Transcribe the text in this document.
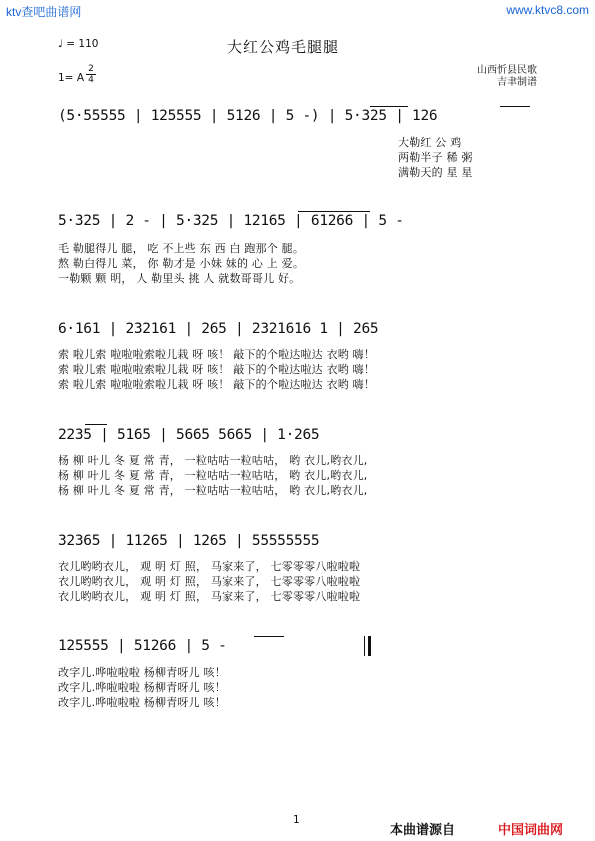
ktv查吧曲谱网	www.ktvc8.com
大红公鸡毛腿腿
♩ = 110
1= A
2
4
山西忻县民歌
吉聿制谱
(5·55555 | 125555 | 5126 | 5 -) | 5·325 | 126
大勒红 公 鸡
两勒半子 稀 粥
满勒天的 星 星
5·325 | 2 - | 5·325 | 12165 | 61266 | 5 -
毛 勒腿得儿 腿， 吃 不上些 东 西 白 跑那个 腿。
熬 勒白得儿 菜， 你 勒才是 小妹 妹的 心 上 爱。
一勒颗 颗 明， 人 勒里头 挑 人 就数哥哥儿 好。
6·161 | 232161 | 265 | 2321616 1 | 265
索 啦儿索 啦啦啦索啦儿栽 呀 咳！ 敲下的个啦达啦达 衣哟 嗨！
索 啦儿索 啦啦啦索啦儿栽 呀 咳！ 敲下的个啦达啦达 衣哟 嗨！
索 啦儿索 啦啦啦索啦儿栽 呀 咳！ 敲下的个啦达啦达 衣哟 嗨！
2235 | 5165 | 5665 5665 | 1·265
杨 柳 叶儿 冬 夏 常 青， 一粒咕咕一粒咕咕， 哟 衣儿,哟衣儿,
杨 柳 叶儿 冬 夏 常 青， 一粒咕咕一粒咕咕， 哟 衣儿,哟衣儿,
杨 柳 叶儿 冬 夏 常 青， 一粒咕咕一粒咕咕， 哟 衣儿,哟衣儿,
32365 | 11265 | 1265 | 55555555
衣儿哟哟衣儿， 观 明 灯 照， 马家来了， 七零零零八啦啦啦
衣儿哟哟衣儿， 观 明 灯 照， 马家来了， 七零零零八啦啦啦
衣儿哟哟衣儿， 观 明 灯 照， 马家来了， 七零零零八啦啦啦
125555 | 51266 | 5 -
改字儿.哗啦啦啦 杨柳青呀儿 咳！
改字儿.哗啦啦啦 杨柳青呀儿 咳！
改字儿.哗啦啦啦 杨柳青呀儿 咳！
1
本曲谱源自	中国词曲网
